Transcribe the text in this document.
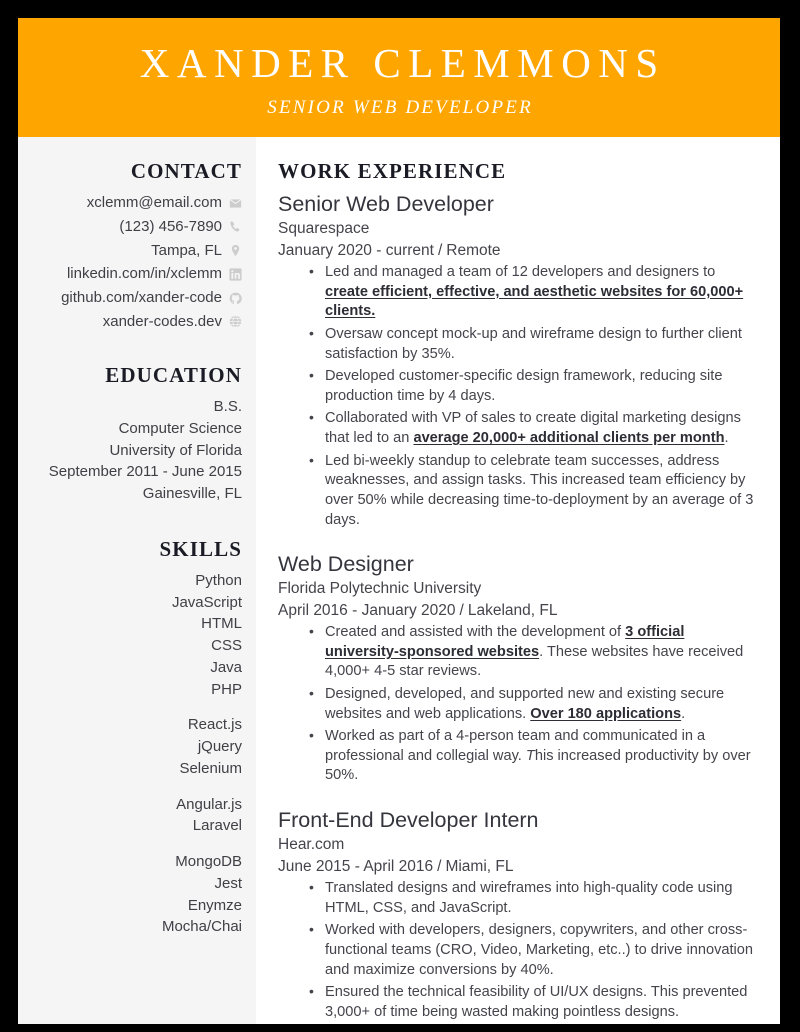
XANDER CLEMMONS
SENIOR WEB DEVELOPER
CONTACT
xclemm@email.com
(123) 456-7890
Tampa, FL
linkedin.com/in/xclemm
github.com/xander-code
xander-codes.dev
EDUCATION
B.S.
Computer Science
University of Florida
September 2011 - June 2015
Gainesville, FL
SKILLS
Python
JavaScript
HTML
CSS
Java
PHP
React.js
jQuery
Selenium
Angular.js
Laravel
MongoDB
Jest
Enymze
Mocha/Chai
WORK EXPERIENCE
Senior Web Developer
Squarespace
January 2020 - current / Remote
• Led and managed a team of 12 developers and designers to create efficient, effective, and aesthetic websites for 60,000+ clients.
• Oversaw concept mock-up and wireframe design to further client satisfaction by 35%.
• Developed customer-specific design framework, reducing site production time by 4 days.
• Collaborated with VP of sales to create digital marketing designs that led to an average 20,000+ additional clients per month.
• Led bi-weekly standup to celebrate team successes, address weaknesses, and assign tasks. This increased team efficiency by over 50% while decreasing time-to-deployment by an average of 3 days.
Web Designer
Florida Polytechnic University
April 2016 - January 2020 / Lakeland, FL
• Created and assisted with the development of 3 official university-sponsored websites. These websites have received 4,000+ 4-5 star reviews.
• Designed, developed, and supported new and existing secure websites and web applications. Over 180 applications.
• Worked as part of a 4-person team and communicated in a professional and collegial way. This increased productivity by over 50%.
Front-End Developer Intern
Hear.com
June 2015 - April 2016 / Miami, FL
• Translated designs and wireframes into high-quality code using HTML, CSS, and JavaScript.
• Worked with developers, designers, copywriters, and other cross-functional teams (CRO, Video, Marketing, etc..) to drive innovation and maximize conversions by 40%.
• Ensured the technical feasibility of UI/UX designs. This prevented 3,000+ of time being wasted making pointless designs.
